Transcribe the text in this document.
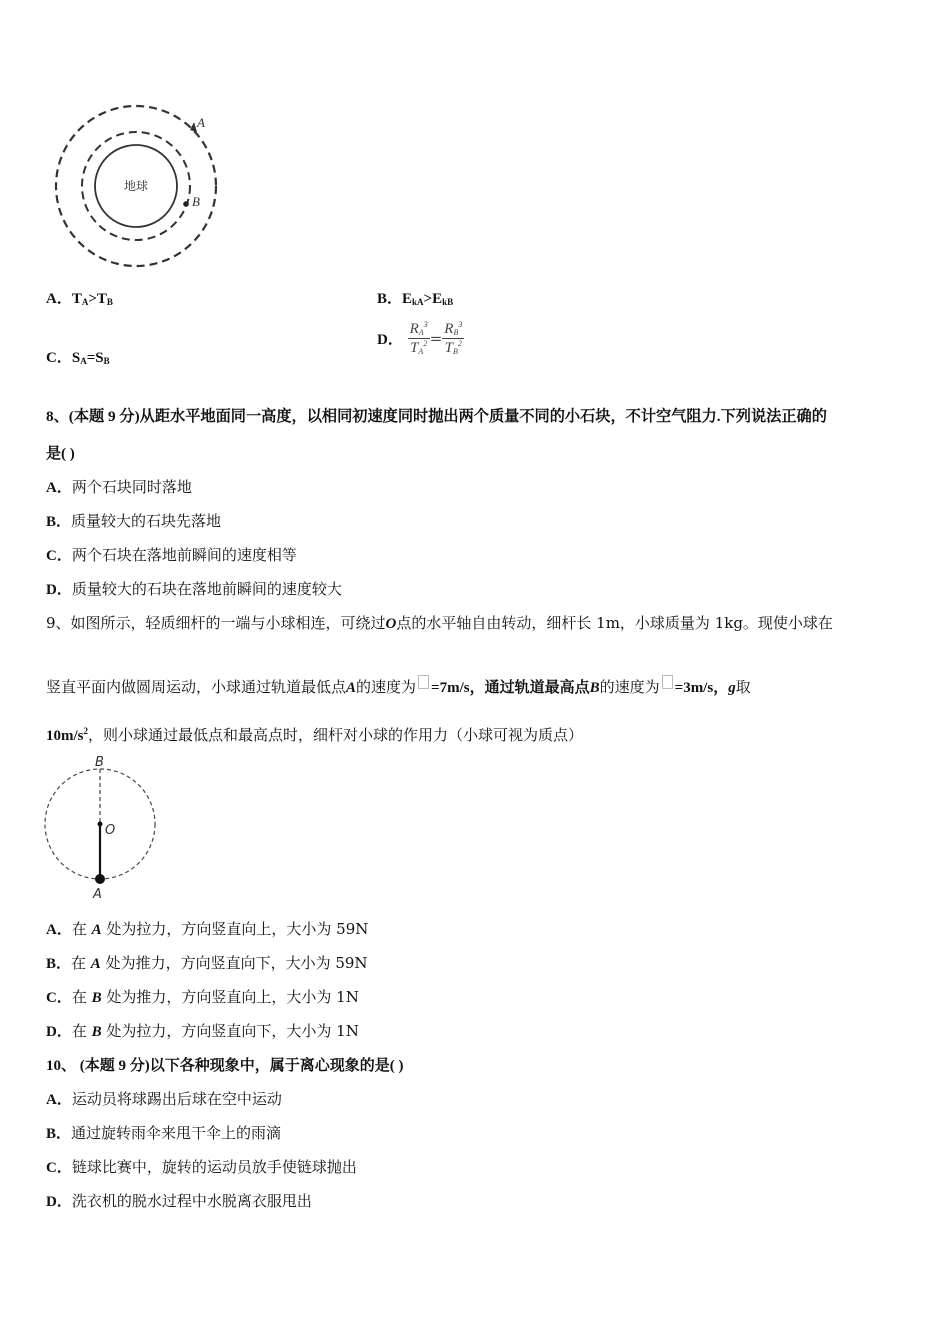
地球
A
B
A．$T_A>T_B$	B．$E_{kA}>E_{kB}$
C．$S_A=S_B$
D． $\frac{R_A^3}{T_A^2} = \frac{R_B^3}{T_B^2}$
8、(本题 9 分)从距水平地面同一高度，以相同初速度同时抛出两个质量不同的小石块，不计空气阻力.下列说法正确的
是( )
A．两个石块同时落地
B．质量较大的石块先落地
C．两个石块在落地前瞬间的速度相等
D．质量较大的石块在落地前瞬间的速度较大
9、如图所示，轻质细杆的一端与小球相连，可绕过O点的水平轴自由转动，细杆长 1m，小球质量为 1kg。现使小球在
竖直平面内做圆周运动，小球通过轨道最低点A的速度为 =7m/s，通过轨道最高点B的速度为 =3m/s，g取
$10m/s^2$，则小球通过最低点和最高点时，细杆对小球的作用力（小球可视为质点）
B
O
A
A．在 A 处为拉力，方向竖直向上，大小为 59N
B．在 A 处为推力，方向竖直向下，大小为 59N
C．在 B 处为推力，方向竖直向上，大小为 1N
D．在 B 处为拉力，方向竖直向下，大小为 1N
10、 (本题 9 分)以下各种现象中，属于离心现象的是( )
A．运动员将球踢出后球在空中运动
B．通过旋转雨伞来甩干伞上的雨滴
C．链球比赛中，旋转的运动员放手使链球抛出
D．洗衣机的脱水过程中水脱离衣服甩出
